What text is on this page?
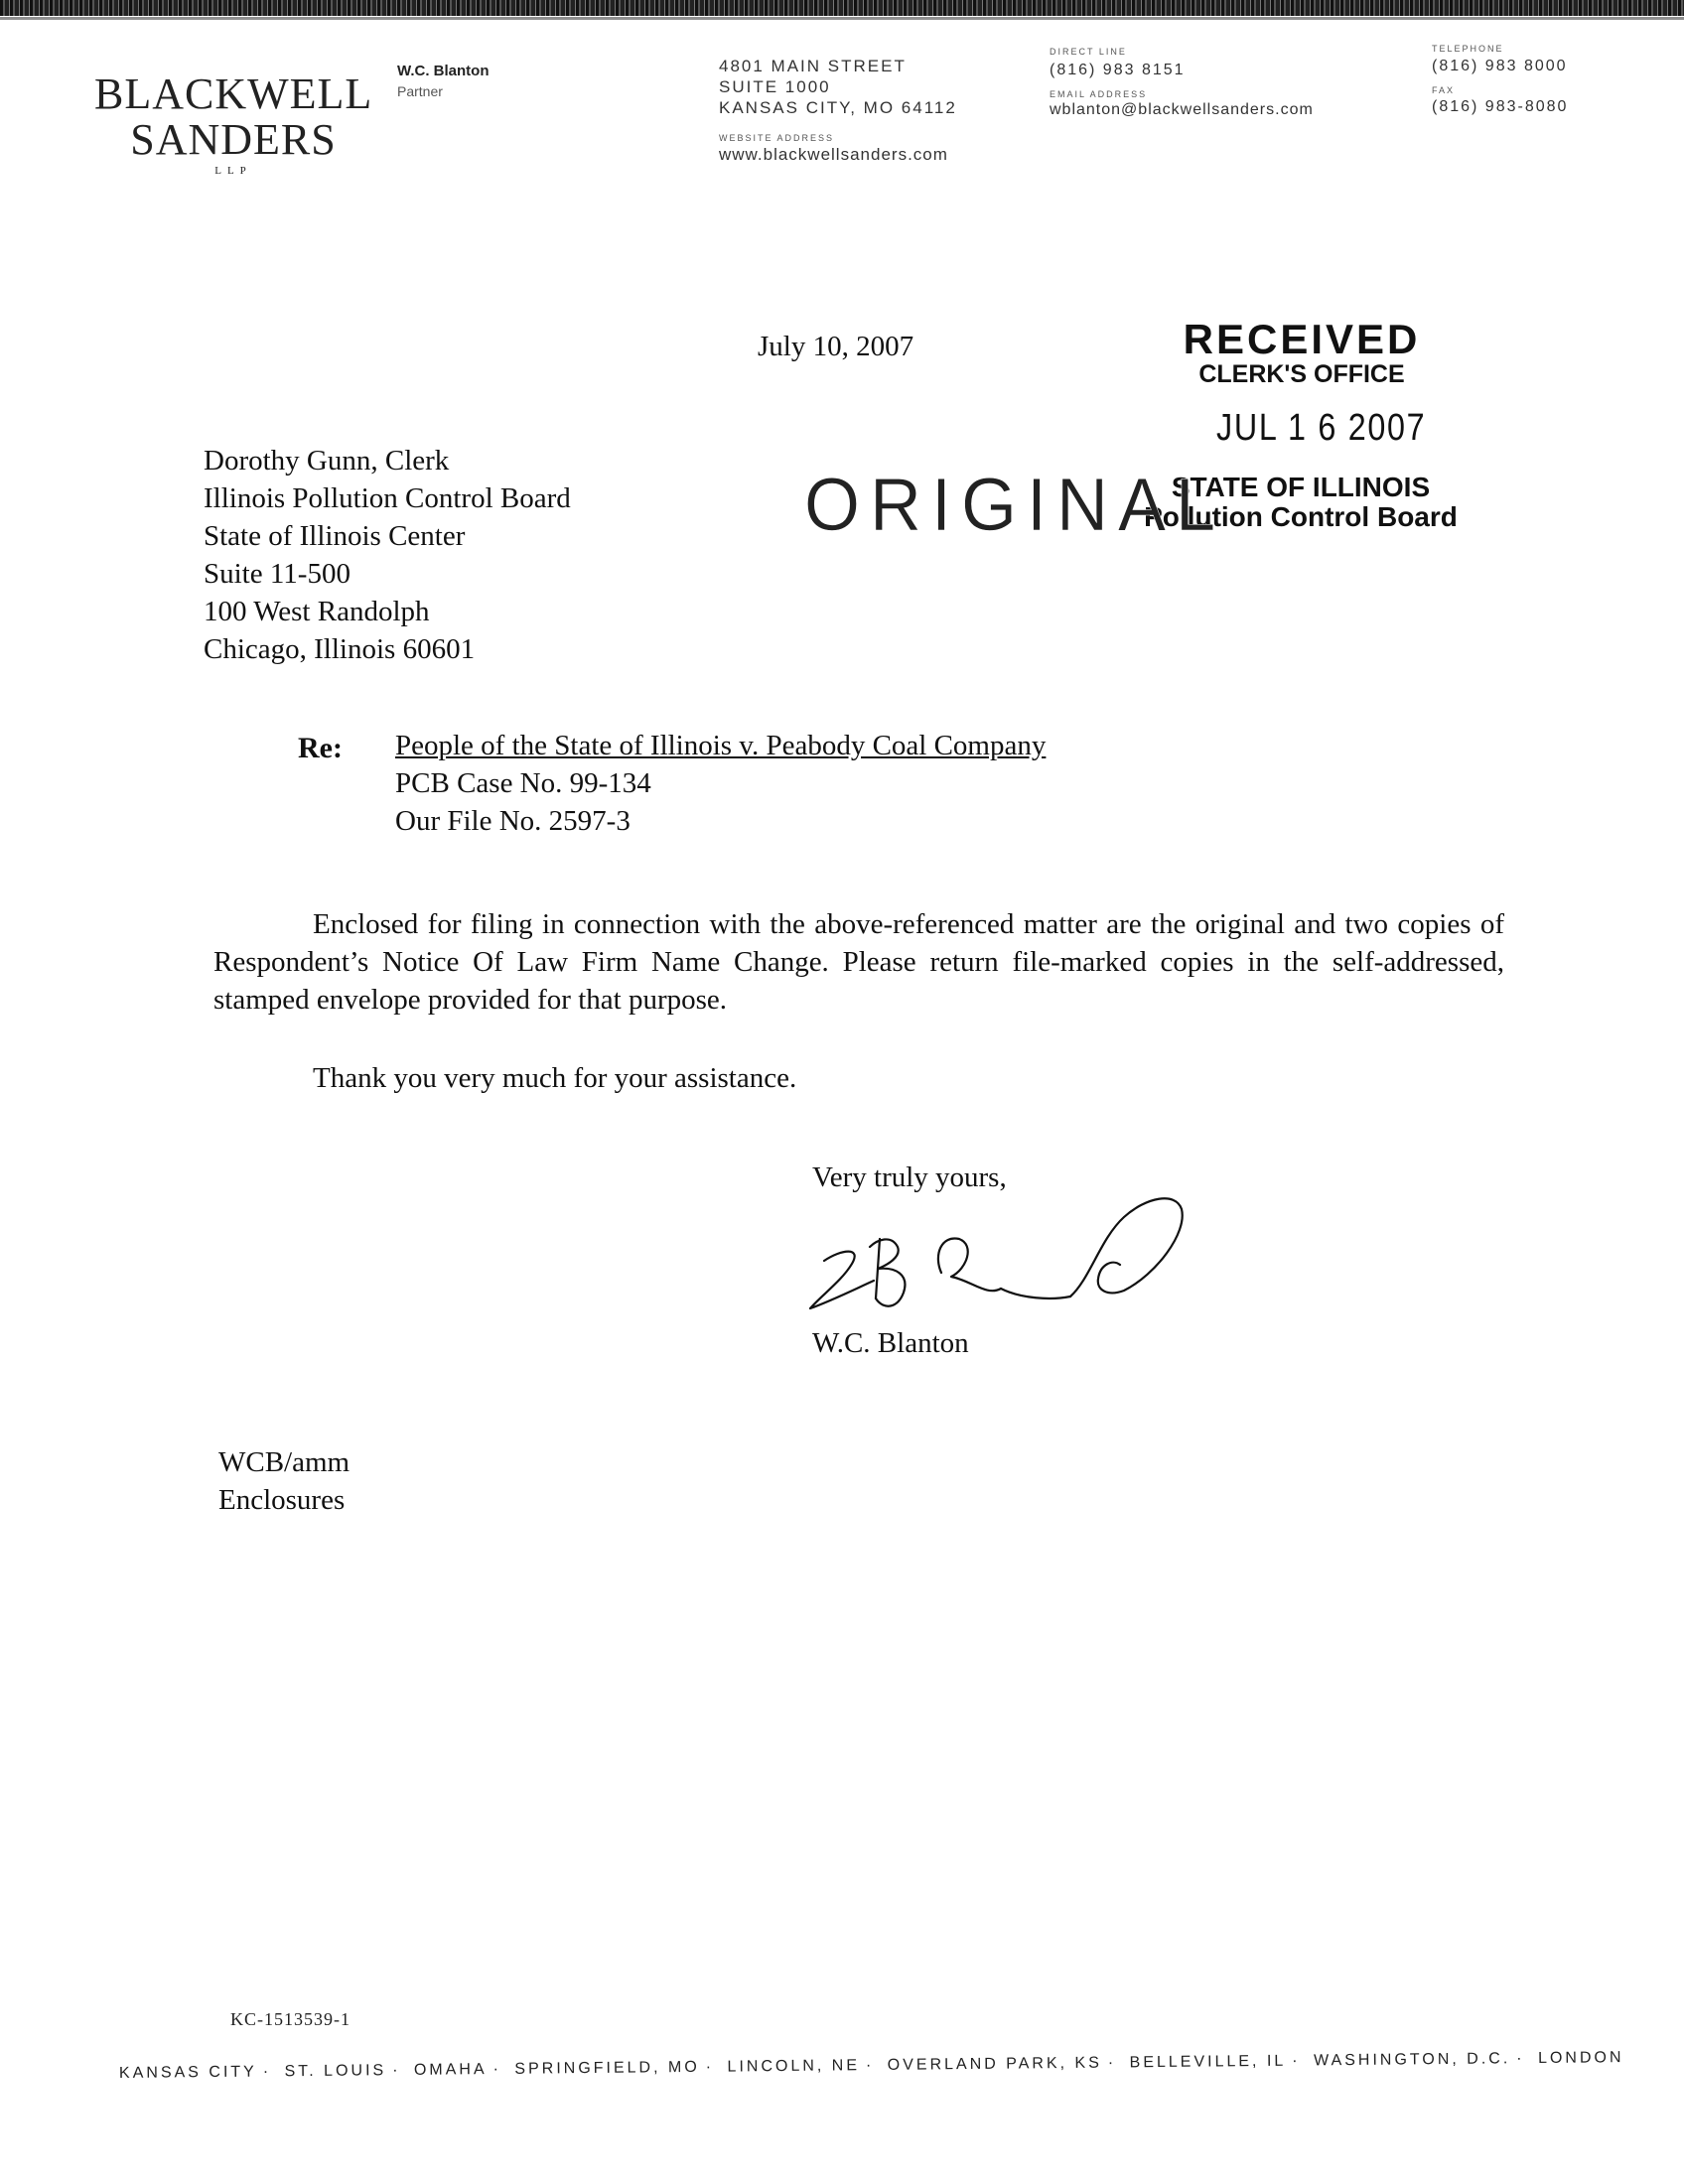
BLACKWELL
SANDERS
LLP
W.C. Blanton
Partner
4801 MAIN STREET
SUITE 1000
KANSAS CITY, MO 64112
WEBSITE ADDRESS
www.blackwellsanders.com
DIRECT LINE
(816) 983 8151
EMAIL ADDRESS
wblanton@blackwellsanders.com
TELEPHONE
(816) 983 8000
FAX
(816) 983-8080
July 10, 2007	RECEIVED
CLERK'S OFFICE
JUL 1 6 2007
STATE OF ILLINOIS
Pollution Control Board
ORIGINAL
Dorothy Gunn, Clerk
Illinois Pollution Control Board
State of Illinois Center
Suite 11-500
100 West Randolph
Chicago, Illinois 60601
Re: People of the State of Illinois v. Peabody Coal Company
PCB Case No. 99-134
Our File No. 2597-3
Enclosed for filing in connection with the above-referenced matter are the original and two copies of Respondent’s Notice Of Law Firm Name Change. Please return file-marked copies in the self-addressed, stamped envelope provided for that purpose.
Thank you very much for your assistance.
Very truly yours,
W.C. Blanton
WCB/amm
Enclosures
KC-1513539-1
KANSAS CITY · ST. LOUIS · OMAHA · SPRINGFIELD, MO · LINCOLN, NE · OVERLAND PARK, KS · BELLEVILLE, IL · WASHINGTON, D.C. · LONDON
